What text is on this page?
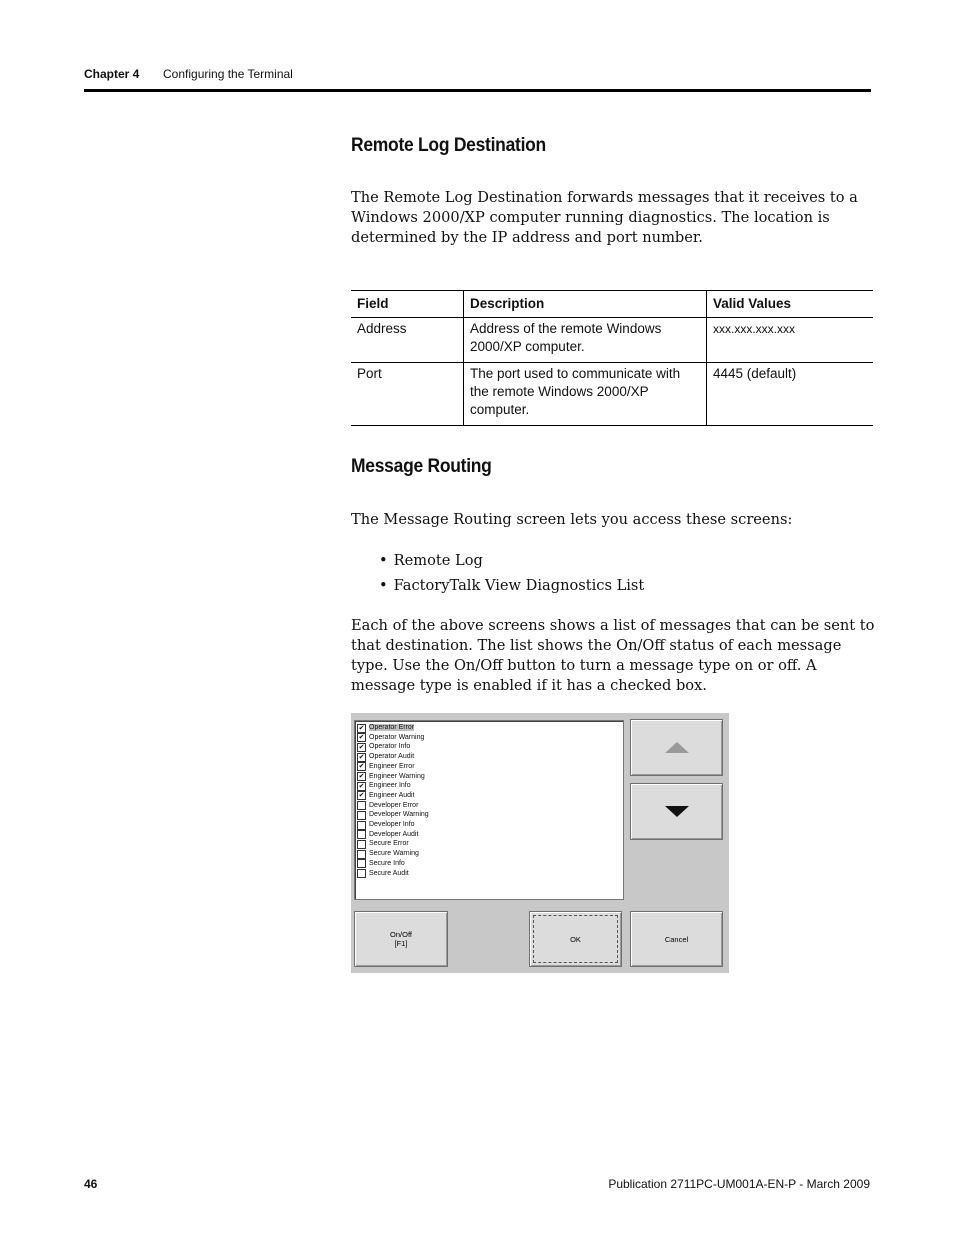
Chapter 4 Configuring the Terminal
Remote Log Destination

The Remote Log Destination forwards messages that it receives to a Windows 2000/XP computer running diagnostics. The location is determined by the IP address and port number.

Field	Description	Valid Values
Address	Address of the remote Windows 2000/XP computer.	xxx.xxx.xxx.xxx
Port	The port used to communicate with the remote Windows 2000/XP computer.	4445 (default)
Message Routing

The Message Routing screen lets you access these screens:

• Remote Log
• FactoryTalk View Diagnostics List

Each of the above screens shows a list of messages that can be sent to that destination. The list shows the On/Off status of each message type. Use the On/Off button to turn a message type on or off. A message type is enabled if it has a checked box.

✔ Operator Error
✔ Operator Warning
✔ Operator Info
✔ Operator Audit
✔ Engineer Error
✔ Engineer Warning
✔ Engineer Info
✔ Engineer Audit
Developer Error
Developer Warning
Developer Info
Developer Audit
Secure Error
Secure Warning
Secure Info
Secure Audit
On/Off
[F1]	OK	Cancel
46	Publication 2711PC-UM001A-EN-P - March 2009
